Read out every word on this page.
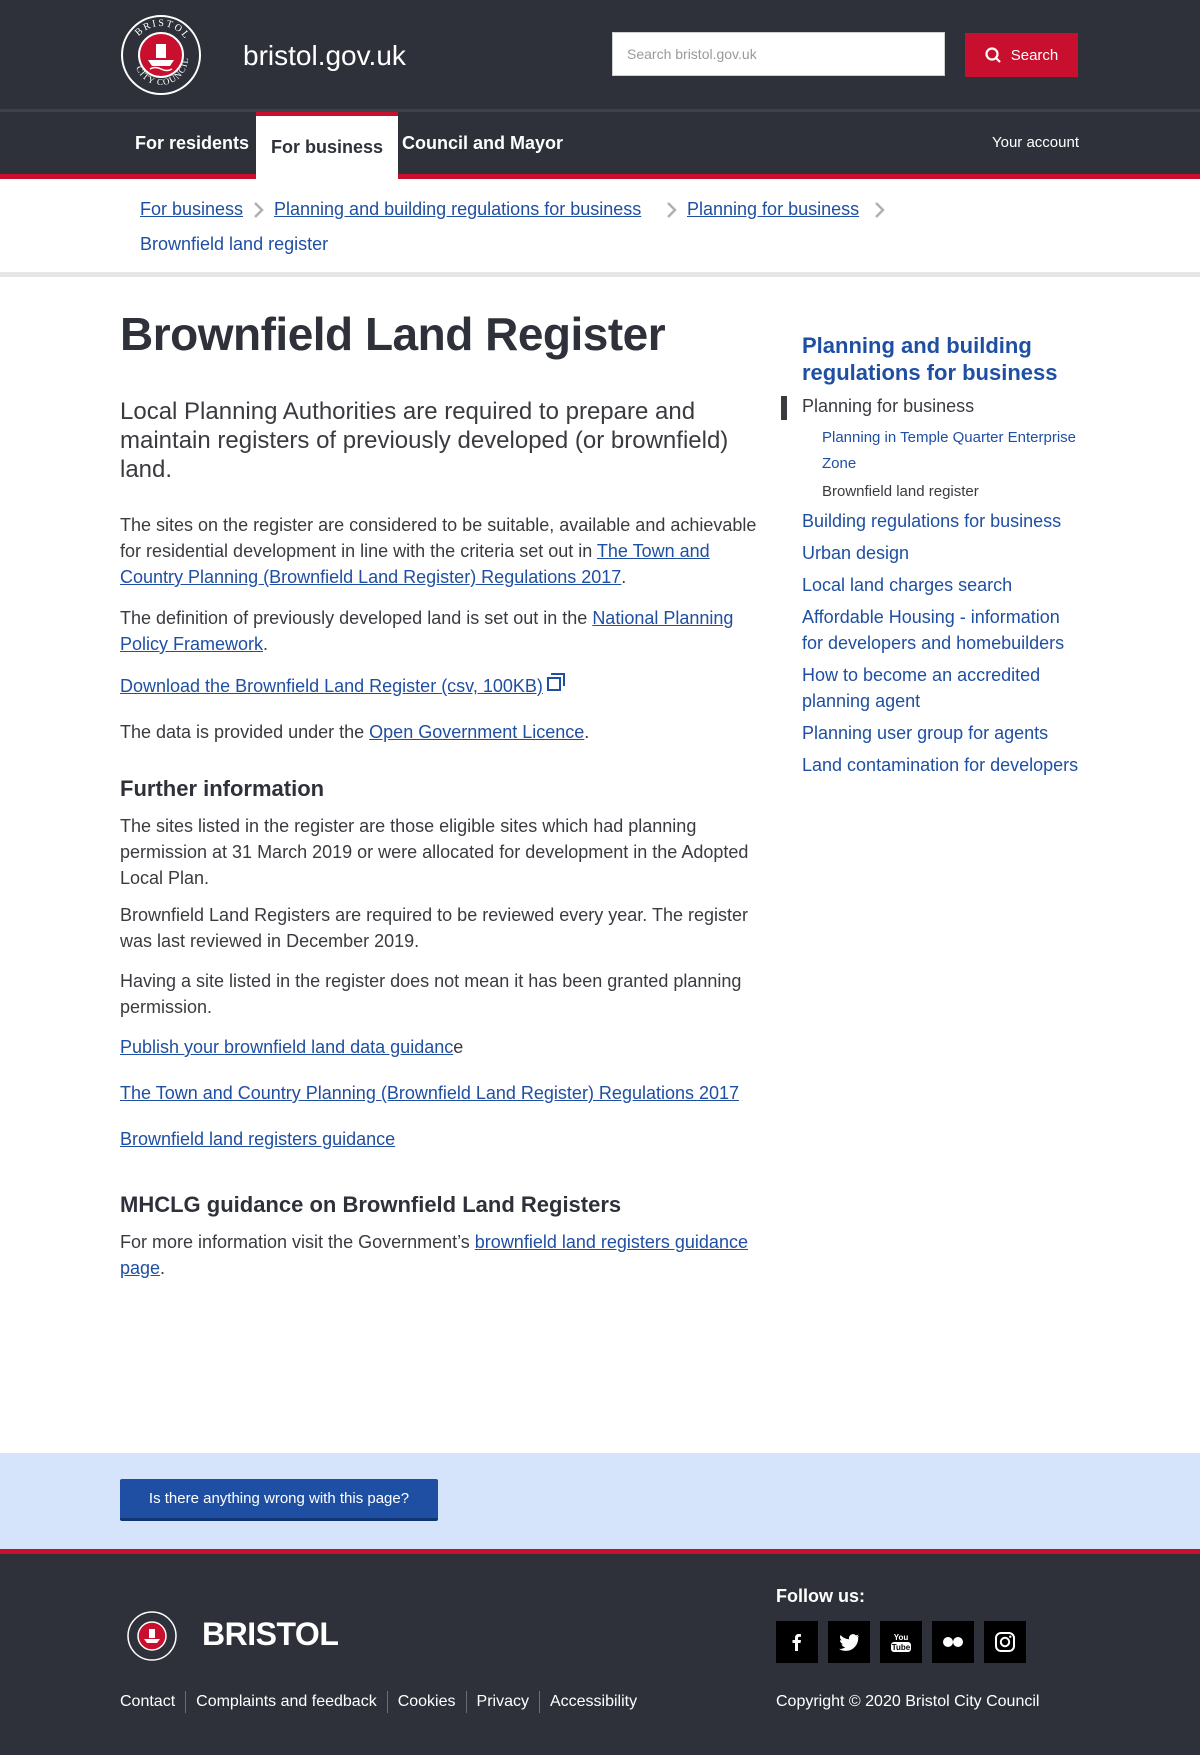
BRISTOL
CITY COUNCIL bristol.gov.uk
Search bristol.gov.uk	Search
For residents	For business	Council and Mayor	Your account
For business Planning and building regulations for business	Planning for business
Brownfield land register
Brownfield Land Register

Local Planning Authorities are required to prepare and maintain registers of previously developed (or brownfield) land.

The sites on the register are considered to be suitable, available and achievable for residential development in line with the criteria set out in The Town and Country Planning (Brownfield Land Register) Regulations 2017.

The definition of previously developed land is set out in the National Planning Policy Framework.

Download the Brownfield Land Register (csv, 100KB)

The data is provided under the Open Government Licence.

Further information

The sites listed in the register are those eligible sites which had planning permission at 31 March 2019 or were allocated for development in the Adopted Local Plan.

Brownfield Land Registers are required to be reviewed every year. The register was last reviewed in December 2019.

Having a site listed in the register does not mean it has been granted planning permission.

Publish your brownfield land data guidance

The Town and Country Planning (Brownfield Land Register) Regulations 2017

Brownfield land registers guidance

MHCLG guidance on Brownfield Land Registers

For more information visit the Government’s brownfield land registers guidance page.

Planning and building regulations for business
Planning for business
Planning in Temple Quarter Enterprise Zone
Brownfield land register
Building regulations for business
Urban design
Local land charges search
Affordable Housing - information for developers and homebuilders
How to become an accredited planning agent
Planning user group for agents
Land contamination for developers
Is there anything wrong with this page?
BRISTOL
Follow us:
You
Tube
Contact	Complaints and feedback	Cookies	Privacy	Accessibility	Copyright © 2020 Bristol City Council
